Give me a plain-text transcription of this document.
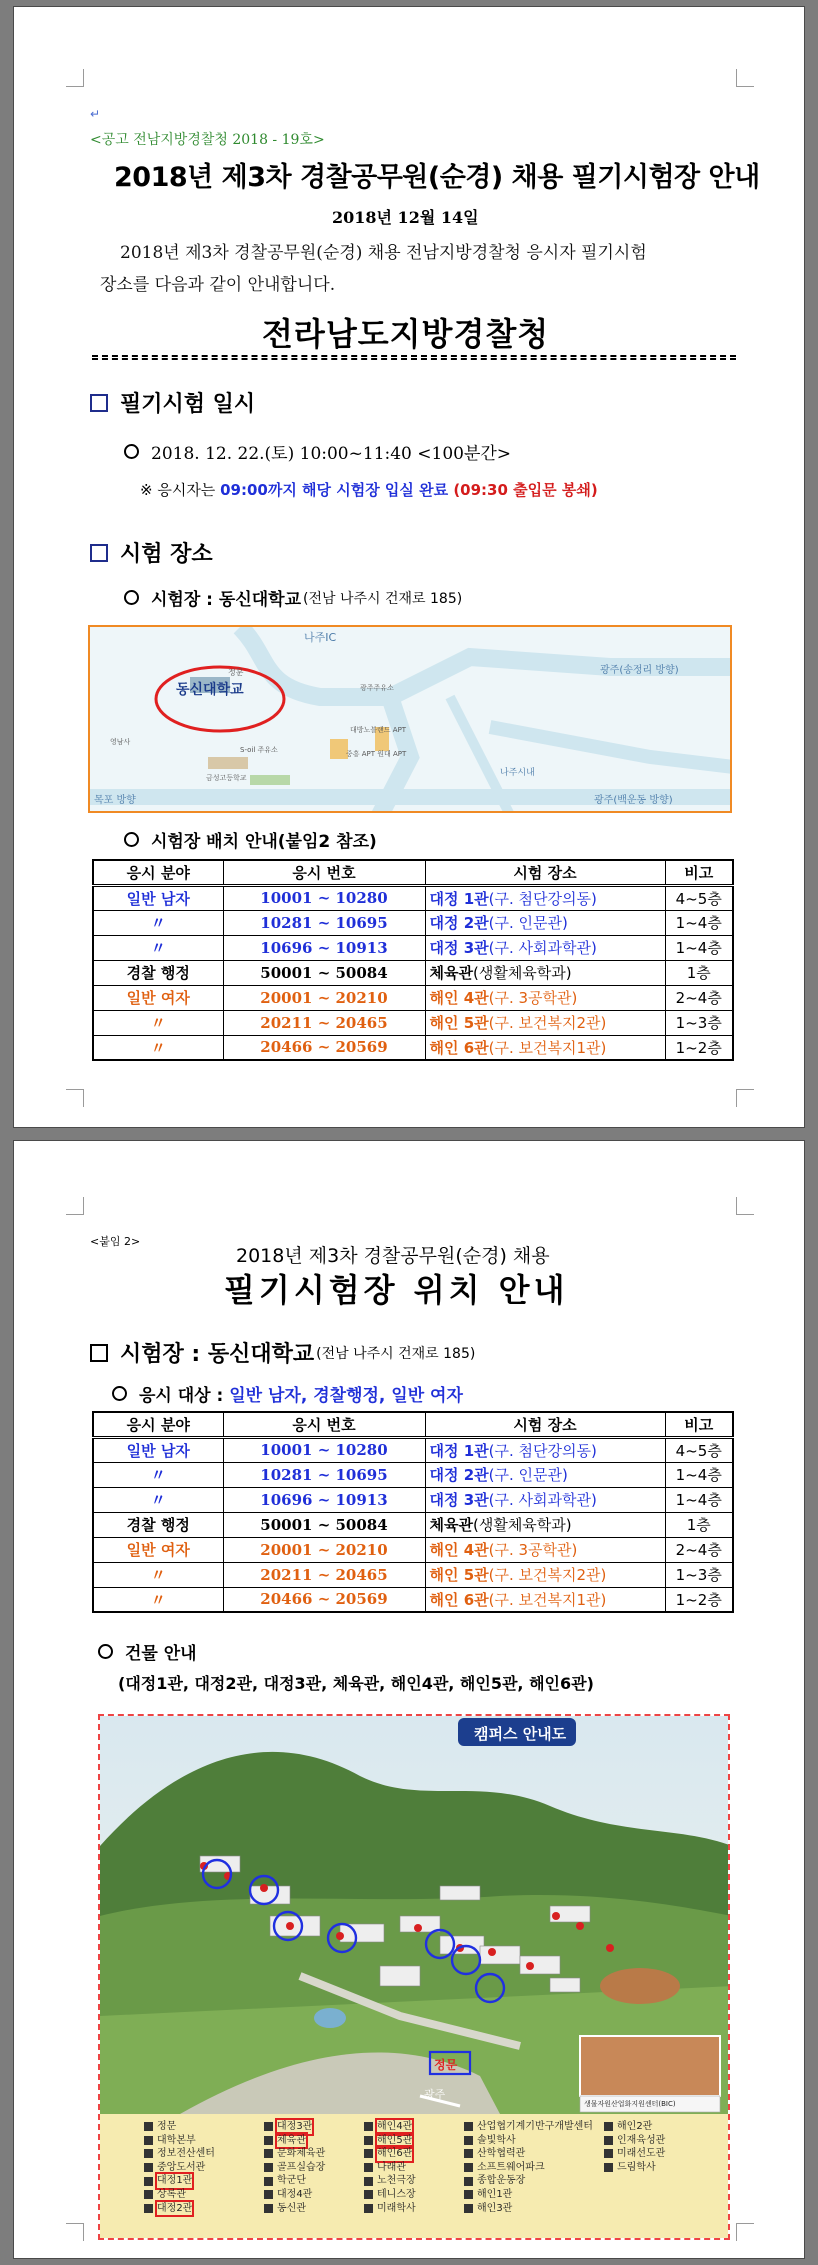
↵
<공고 전남지방경찰청 2018 - 19호>
2018년 제3차 경찰공무원(순경) 채용 필기시험장 안내
2018년 12월 14일
2018년 제3차 경찰공무원(순경) 채용 전남지방경찰청 응시자 필기시험
장소를 다음과 같이 안내합니다.
전라남도지방경찰청
필기시험 일시
2018. 12. 22.(토) 10:00~11:40 <100분간>
※ 응시자는 09:00까지 해당 시험장 입실 완료 (09:30 출입문 봉쇄)
시험 장소
시험장 : 동신대학교 (전남 나주시 건재로 185)
나주IC
동신대학교
광주(송정리 방향)
광주(백운동 방향)
목포 방향
나주시내
정문
대방노블랜드 APT
중흥 APT 원대 APT
금성고등학교
영남사
광주주유소
S-oil 주유소
시험장 배치 안내(붙임2 참조)
응시 분야	응시 번호	시험 장소	비고
일반 남자	10001 ~ 10280	대정 1관(구. 첨단강의동)	4~5층
〃	10281 ~ 10695	대정 2관(구. 인문관)	1~4층
〃	10696 ~ 10913	대정 3관(구. 사회과학관)	1~4층
경찰 행정	50001 ~ 50084	체육관(생활체육학과)	1층
일반 여자	20001 ~ 20210	해인 4관(구. 3공학관)	2~4층
〃	20211 ~ 20465	해인 5관(구. 보건복지2관)	1~3층
〃	20466 ~ 20569	해인 6관(구. 보건복지1관)	1~2층
<붙임 2>
2018년 제3차 경찰공무원(순경) 채용
필기시험장 위치 안내
시험장 : 동신대학교 (전남 나주시 건재로 185)
응시 대상 : 일반 남자, 경찰행정, 일반 여자
응시 분야	응시 번호	시험 장소	비고
일반 남자	10001 ~ 10280	대정 1관(구. 첨단강의동)	4~5층
〃	10281 ~ 10695	대정 2관(구. 인문관)	1~4층
〃	10696 ~ 10913	대정 3관(구. 사회과학관)	1~4층
경찰 행정	50001 ~ 50084	체육관(생활체육학과)	1층
일반 여자	20001 ~ 20210	해인 4관(구. 3공학관)	2~4층
〃	20211 ~ 20465	해인 5관(구. 보건복지2관)	1~3층
〃	20466 ~ 20569	해인 6관(구. 보건복지1관)	1~2층
건물 안내
(대정1관, 대정2관, 대정3관, 체육관, 해인4관, 해인5관, 해인6관)
캠퍼스 안내도
정문
광주
생물자원산업화지원센터(BIC)
정문
대학본부
정보전산센터
중앙도서관
대정1관
상록관
대정2관
대정3관
체육관
문화체육관
골프실습장
학군단
대정4관
동신관
해인4관
해인5관
해인6관
나래관
노천극장
테니스장
미래학사
산업협기계기반구개발센터
솔빛학사
산학협력관
소프트웨어파크
종합운동장
해인1관
해인3관
해인2관
인재육성관
미래선도관
드림학사
